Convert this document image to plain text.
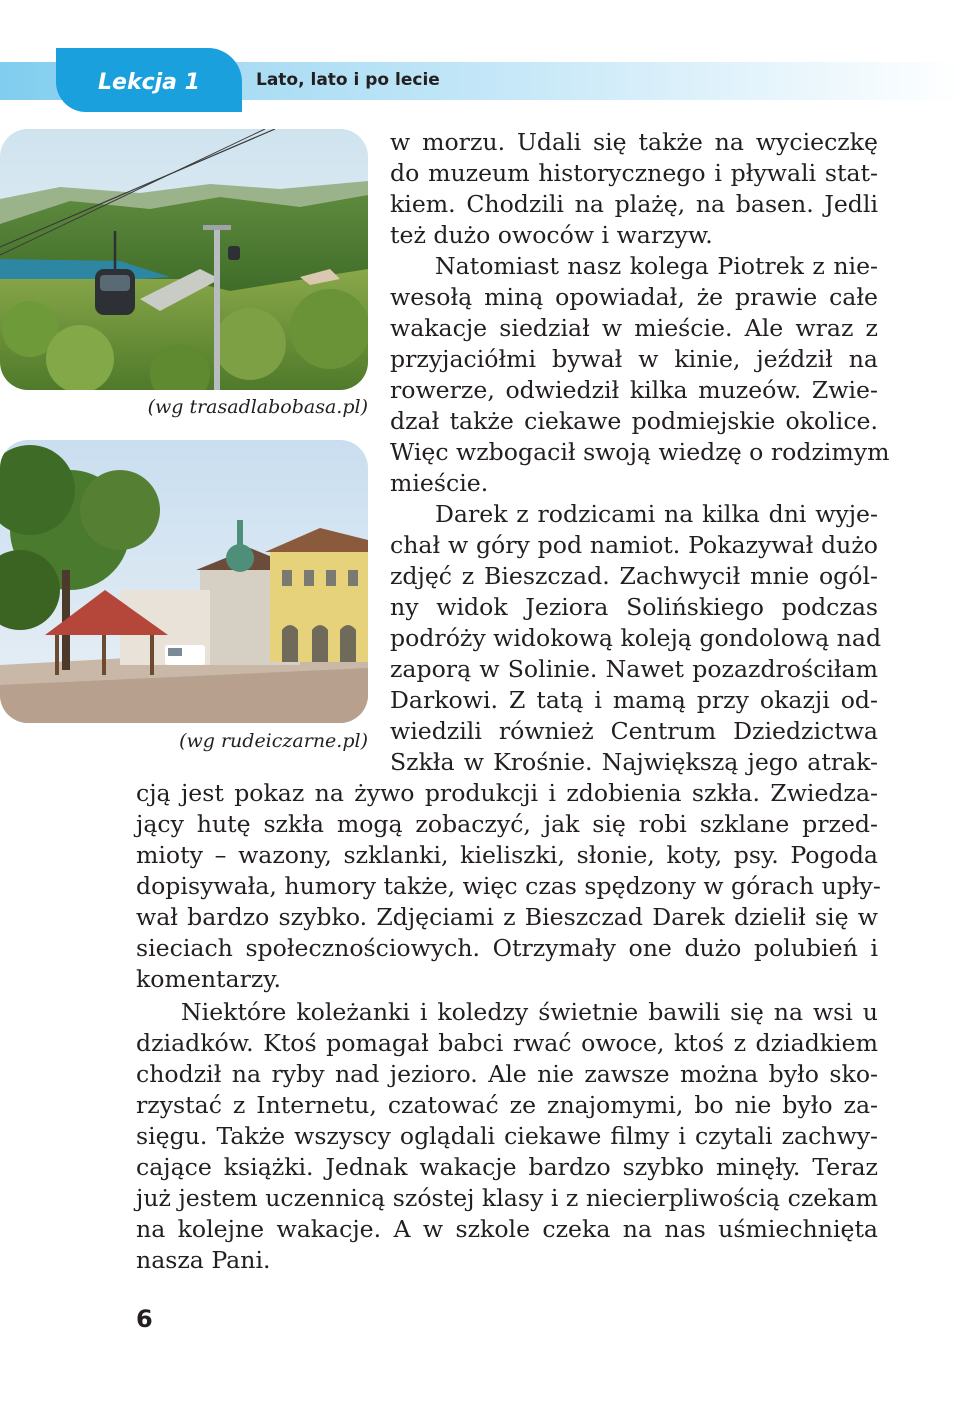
Lekcja 1	Lato, lato i po lecie
(wg trasadlabobasa.pl)
(wg rudeiczarne.pl)
w morzu. Udali się także na wycieczkę
do muzeum historycznego i pływali stat-
kiem. Chodzili na plażę, na basen. Jedli
też dużo owoców i warzyw.
Natomiast nasz kolega Piotrek z nie-
wesołą miną opowiadał, że prawie całe
wakacje siedział w mieście. Ale wraz z
przyjaciółmi bywał w kinie, jeździł na
rowerze, odwiedził kilka muzeów. Zwie-
dzał także ciekawe podmiejskie okolice.
Więc wzbogacił swoją wiedzę o rodzimym
mieście.
Darek z rodzicami na kilka dni wyje-
chał w góry pod namiot. Pokazywał dużo
zdjęć z Bieszczad. Zachwycił mnie ogól-
ny widok Jeziora Solińskiego podczas
podróży widokową koleją gondolową nad
zaporą w Solinie. Nawet pozazdrościłam
Darkowi. Z tatą i mamą przy okazji od-
wiedzili również Centrum Dziedzictwa
Szkła w Krośnie. Największą jego atrak-
cją jest pokaz na żywo produkcji i zdobienia szkła. Zwiedza-
jący hutę szkła mogą zobaczyć, jak się robi szklane przed-
mioty – wazony, szklanki, kieliszki, słonie, koty, psy. Pogoda
dopisywała, humory także, więc czas spędzony w górach upły-
wał bardzo szybko. Zdjęciami z Bieszczad Darek dzielił się w
sieciach społecznościowych. Otrzymały one dużo polubień i
komentarzy.
Niektóre koleżanki i koledzy świetnie bawili się na wsi u
dziadków. Ktoś pomagał babci rwać owoce, ktoś z dziadkiem
chodził na ryby nad jezioro. Ale nie zawsze można było sko-
rzystać z Internetu, czatować ze znajomymi, bo nie było za-
sięgu. Także wszyscy oglądali ciekawe filmy i czytali zachwy-
cające książki. Jednak wakacje bardzo szybko minęły. Teraz
już jestem uczennicą szóstej klasy i z niecierpliwością czekam
na kolejne wakacje. A w szkole czeka na nas uśmiechnięta
nasza Pani.
6
